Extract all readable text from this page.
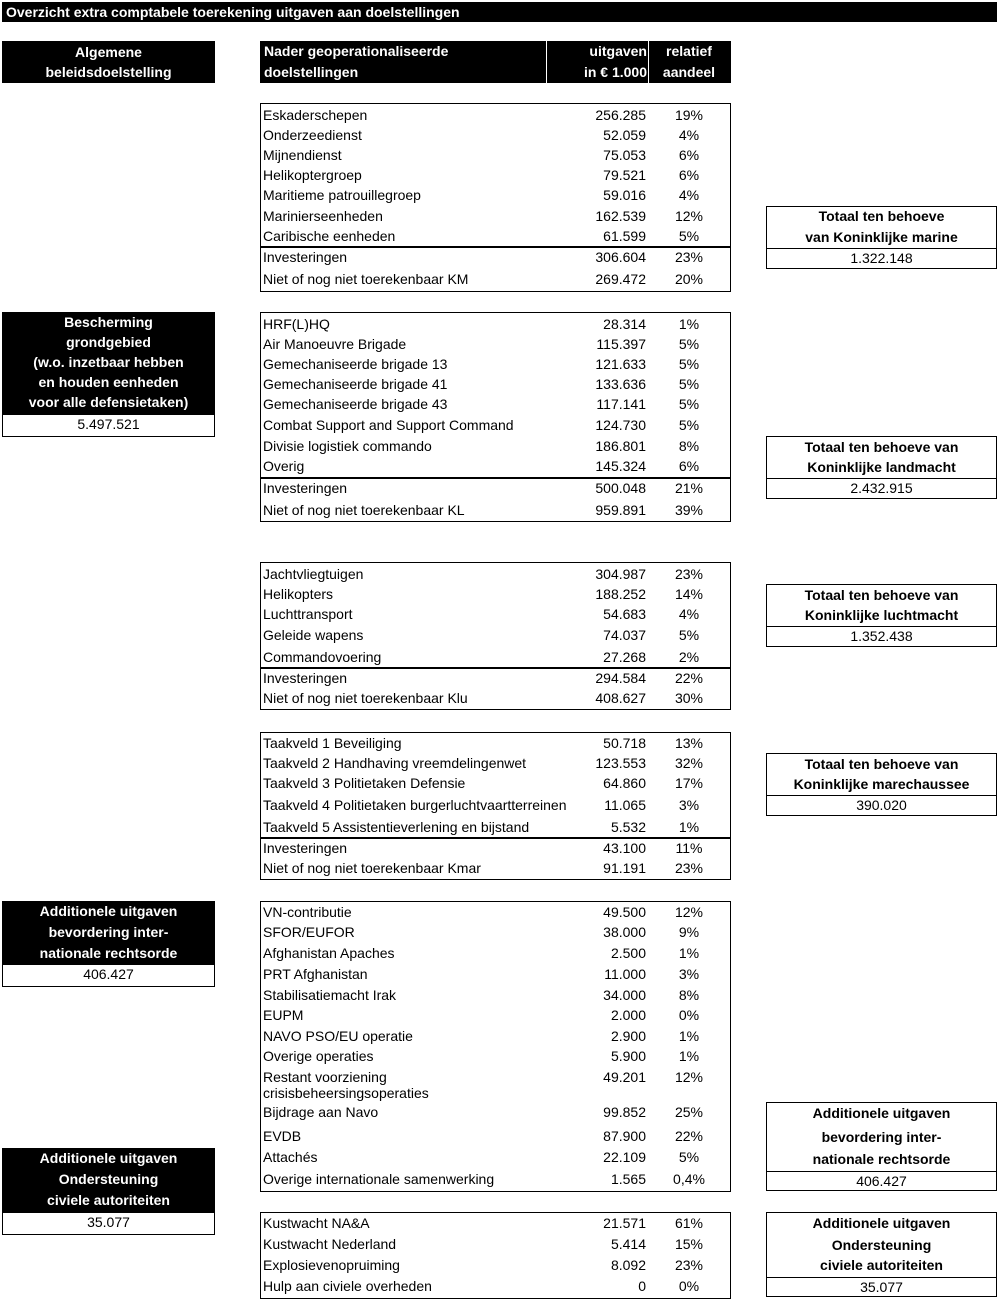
Overzicht extra comptabele toerekening uitgaven aan doelstellingen
Algemene
beleidsdoelstelling
Nader geoperationaliseerde
doelstellingen
uitgaven
in € 1.000
relatief
aandeel
Bescherming
grondgebied
(w.o. inzetbaar hebben
en houden eenheden
voor alle defensietaken)
5.497.521
Additionele uitgaven
bevordering inter-
nationale rechtsorde
406.427
Additionele uitgaven
Ondersteuning
civiele autoriteiten
35.077
Eskaderschepen	256.285	19%
Onderzeedienst	52.059	4%
Mijnendienst	75.053	6%
Helikoptergroep	79.521	6%
Maritieme patrouillegroep	59.016	4%
Marinierseenheden	162.539	12%
Caribische eenheden	61.599	5%
Investeringen	306.604	23%
Niet of nog niet toerekenbaar KM	269.472	20%
HRF(L)HQ	28.314	1%
Air Manoeuvre Brigade	115.397	5%
Gemechaniseerde brigade 13	121.633	5%
Gemechaniseerde brigade 41	133.636	5%
Gemechaniseerde brigade 43	117.141	5%
Combat Support and Support Command	124.730	5%
Divisie logistiek commando	186.801	8%
Overig	145.324	6%
Investeringen	500.048	21%
Niet of nog niet toerekenbaar KL	959.891	39%
Jachtvliegtuigen	304.987	23%
Helikopters	188.252	14%
Luchttransport	54.683	4%
Geleide wapens	74.037	5%
Commandovoering	27.268	2%
Investeringen	294.584	22%
Niet of nog niet toerekenbaar Klu	408.627	30%
Taakveld 1 Beveiliging	50.718	13%
Taakveld 2 Handhaving vreemdelingenwet	123.553	32%
Taakveld 3 Politietaken Defensie	64.860	17%
Taakveld 4 Politietaken burgerluchtvaartterreinen	11.065	3%
Taakveld 5 Assistentieverlening en bijstand	5.532	1%
Investeringen	43.100	11%
Niet of nog niet toerekenbaar Kmar	91.191	23%
VN-contributie	49.500	12%
SFOR/EUFOR	38.000	9%
Afghanistan Apaches	2.500	1%
PRT Afghanistan	11.000	3%
Stabilisatiemacht Irak	34.000	8%
EUPM	2.000	0%
NAVO PSO/EU operatie	2.900	1%
Overige operaties	5.900	1%
Restant voorziening
crisisbeheersingsoperaties
49.201	12%
Bijdrage aan Navo	99.852	25%
EVDB	87.900	22%
Attachés	22.109	5%
Overige internationale samenwerking	1.565	0,4%
Kustwacht NA&A	21.571	61%
Kustwacht Nederland	5.414	15%
Explosievenopruiming	8.092	23%
Hulp aan civiele overheden	0	0%
Totaal ten behoeve
van Koninklijke marine
1.322.148
Totaal ten behoeve van
Koninklijke landmacht
2.432.915
Totaal ten behoeve van
Koninklijke luchtmacht
1.352.438
Totaal ten behoeve van
Koninklijke marechaussee
390.020
Additionele uitgaven
bevordering inter-
nationale rechtsorde
406.427
Additionele uitgaven
Ondersteuning
civiele autoriteiten
35.077
